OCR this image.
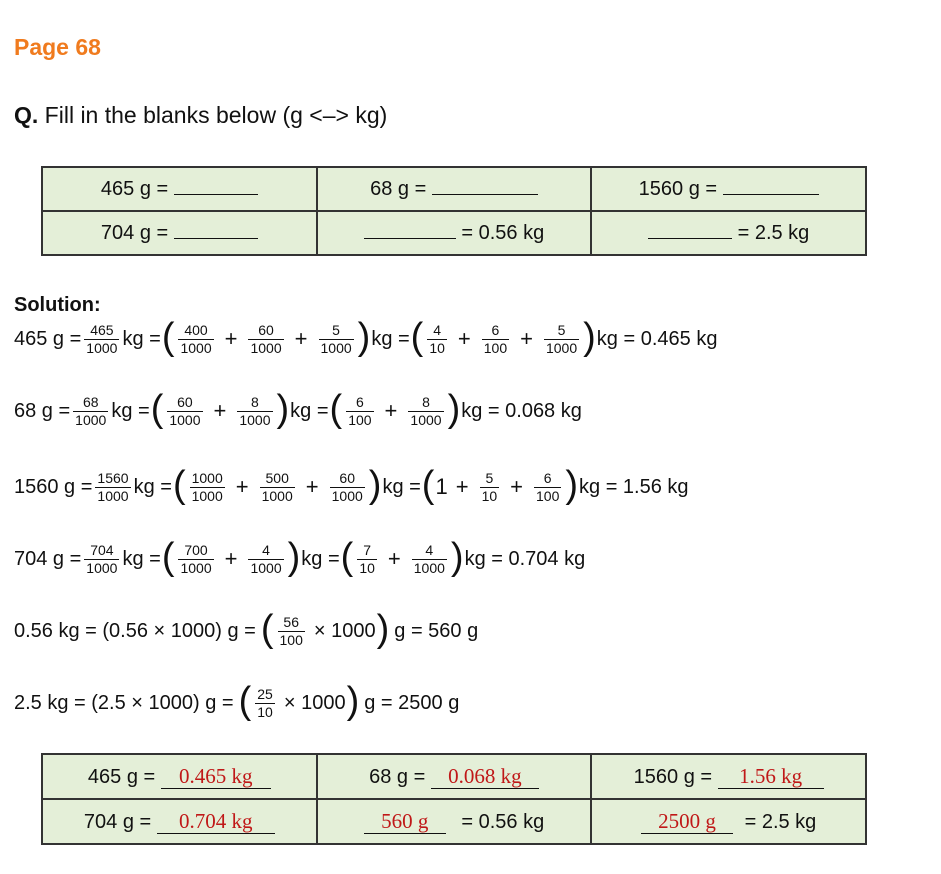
Page 68
Q. Fill in the blanks below (g <–> kg)
465 g =	68 g =	1560 g =
704 g =	= 0.56 kg	= 2.5 kg
Solution:
465 $g = \frac{465}{1000}$ kg = ( $\frac{400}{1000} + \frac{60}{1000} + \frac{5}{1000}$ ) kg = ( $\frac{4}{10} + \frac{6}{100} + \frac{5}{1000}$ ) kg = 0.465 kg
68 $g = \frac{68}{1000}$ kg = ( $\frac{60}{1000} + \frac{8}{1000}$ ) kg = ( $\frac{6}{100} + \frac{8}{1000}$ ) kg = 0.068 kg
1560 $g = \frac{1560}{1000}$ kg = ( $\frac{1000}{1000} + \frac{500}{1000} + \frac{60}{1000}$ ) kg = ( $1 + \frac{5}{10} + \frac{6}{100}$ ) kg = 1.56 kg
704 $g = \frac{704}{1000}$ kg = ( $\frac{700}{1000} + \frac{4}{1000}$ ) kg = ( $\frac{7}{10} + \frac{4}{1000}$ ) kg = 0.704 kg
0.56 kg = (0.56 × 1000) g = ( $\frac{56}{100} \times 1000$ ) g = 560 g
2.5 kg = (2.5 × 1000) g = ( $\frac{25}{10} \times 1000$ ) g = 2500 g
465 g = 0.465 kg	68 g = 0.068 kg	1560 g = 1.56 kg
704 g = 0.704 kg	560 g = 0.56 kg	2500 g = 2.5 kg
